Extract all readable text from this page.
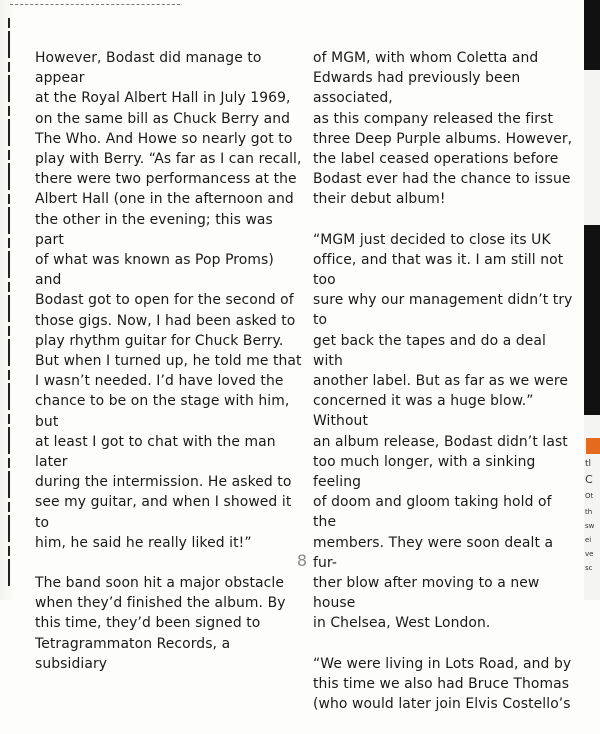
However, Bodast did manage to appear
at the Royal Albert Hall in July 1969,
on the same bill as Chuck Berry and
The Who. And Howe so nearly got to
play with Berry. “As far as I can recall,
there were two performancess at the
Albert Hall (one in the afternoon and
the other in the evening; this was part
of what was known as Pop Proms) and
Bodast got to open for the second of
those gigs. Now, I had been asked to
play rhythm guitar for Chuck Berry.
But when I turned up, he told me that
I wasn’t needed. I’d have loved the
chance to be on the stage with him, but
at least I got to chat with the man later
during the intermission. He asked to
see my guitar, and when I showed it to
him, he said he really liked it!”

The band soon hit a major obstacle
when they’d finished the album. By
this time, they’d been signed to
Tetragrammaton Records, a subsidiary

of MGM, with whom Coletta and
Edwards had previously been associated,
as this company released the first
three Deep Purple albums. However,
the label ceased operations before
Bodast ever had the chance to issue
their debut album!

“MGM just decided to close its UK
office, and that was it. I am still not too
sure why our management didn’t try to
get back the tapes and do a deal with
another label. But as far as we were
concerned it was a huge blow.” Without
an album release, Bodast didn’t last
too much longer, with a sinking feeling
of doom and gloom taking hold of the
members. They were soon dealt a fur-
ther blow after moving to a new house
in Chelsea, West London.

“We were living in Lots Road, and by
this time we also had Bruce Thomas
(who would later join Elvis Costello’s

8
tl
C
Ot
th
sw
ei
ve
sc
